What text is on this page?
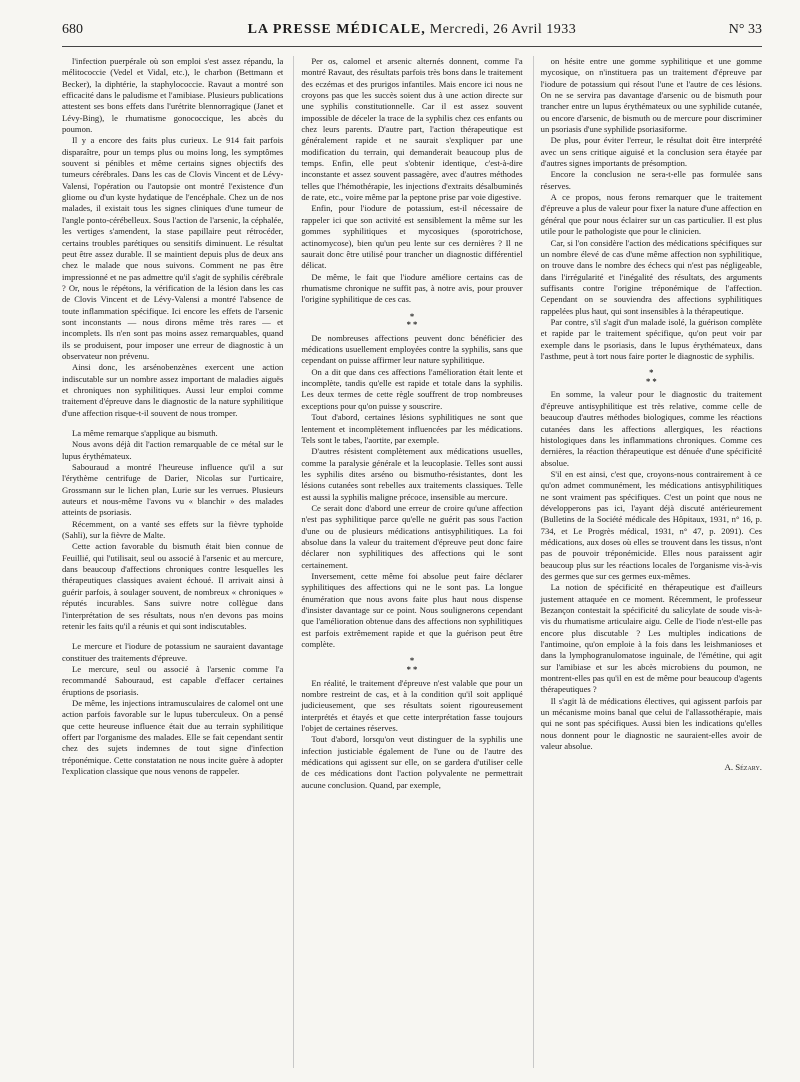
680	LA PRESSE MÉDICALE, Mercredi, 26 Avril 1933	N° 33

l'infection puerpérale où son emploi s'est assez répandu, la mélitococcie (Vedel et Vidal, etc.), le charbon (Bettmann et Becker), la diphtérie, la staphylococcie. Ravaut a montré son efficacité dans le paludisme et l'amibiase. Plusieurs publications attestent ses bons effets dans l'urétrite blennorragique (Janet et Lévy-Bing), le rhumatisme gonococcique, les abcès du poumon.

Il y a encore des faits plus curieux. Le 914 fait parfois disparaître, pour un temps plus ou moins long, les symptômes souvent si pénibles et même certains signes objectifs des tumeurs cérébrales. Dans les cas de Clovis Vincent et de Lévy-Valensi, l'opération ou l'autopsie ont montré l'existence d'un gliome ou d'un kyste hydatique de l'encéphale. Chez un de nos malades, il existait tous les signes cliniques d'une tumeur de l'angle ponto-cérébelleux. Sous l'action de l'arsenic, la céphalée, les vertiges s'amendent, la stase papillaire peut rétrocéder, certains troubles parétiques ou sensitifs diminuent. Le résultat peut être assez durable. Il se maintient depuis plus de deux ans chez le malade que nous suivons. Comment ne pas être impressionné et ne pas admettre qu'il s'agit de syphilis cérébrale ? Or, nous le répétons, la vérification de la lésion dans les cas de Clovis Vincent et de Lévy-Valensi a montré l'absence de toute inflammation spécifique. Ici encore les effets de l'arsenic sont inconstants — nous dirons même très rares — et incomplets. Ils n'en sont pas moins assez remarquables, quand ils se produisent, pour imposer une erreur de diagnostic à un observateur non prévenu.

Ainsi donc, les arsénobenzènes exercent une action indiscutable sur un nombre assez important de maladies aiguës et chroniques non syphilitiques. Aussi leur emploi comme traitement d'épreuve dans le diagnostic de la nature syphilitique d'une affection risque-t-il souvent de nous tromper.

La même remarque s'applique au bismuth.

Nous avons déjà dit l'action remarquable de ce métal sur le lupus érythémateux.

Sabouraud a montré l'heureuse influence qu'il a sur l'érythème centrifuge de Darier, Nicolas sur l'urticaire, Grossmann sur le lichen plan, Lurie sur les verrues. Plusieurs auteurs et nous-même l'avons vu « blanchir » des malades atteints de psoriasis.

Récemment, on a vanté ses effets sur la fièvre typhoïde (Sahli), sur la fièvre de Malte.

Cette action favorable du bismuth était bien connue de Feuillié, qui l'utilisait, seul ou associé à l'arsenic et au mercure, dans beaucoup d'affections chroniques contre lesquelles les thérapeutiques classiques avaient échoué. Il arrivait ainsi à guérir parfois, à soulager souvent, de nombreux « chroniques » réputés incurables. Sans suivre notre collègue dans l'interprétation de ses résultats, nous n'en devons pas moins retenir les faits qu'il a réunis et qui sont indiscutables.

Le mercure et l'iodure de potassium ne sauraient davantage constituer des traitements d'épreuve.

Le mercure, seul ou associé à l'arsenic comme l'a recommandé Sabouraud, est capable d'effacer certaines éruptions de psoriasis.

De même, les injections intramusculaires de calomel ont une action parfois favorable sur le lupus tuberculeux. On a pensé que cette heureuse influence était due au terrain syphilitique offert par l'organisme des malades. Elle se fait cependant sentir chez des sujets indemnes de tout signe d'infection tréponémique. Cette constatation ne nous incite guère à adopter l'explication classique que nous venons de rappeler.

Per os, calomel et arsenic alternés donnent, comme l'a montré Ravaut, des résultats parfois très bons dans le traitement des eczémas et des prurigos infantiles. Mais encore ici nous ne croyons pas que les succès soient dus à une action directe sur une syphilis constitutionnelle. Car il est assez souvent impossible de déceler la trace de la syphilis chez ces enfants ou chez leurs parents. D'autre part, l'action thérapeutique est généralement rapide et ne saurait s'expliquer par une modification du terrain, qui demanderait beaucoup plus de temps. Enfin, elle peut s'obtenir identique, c'est-à-dire inconstante et assez souvent passagère, avec d'autres méthodes telles que l'hémothérapie, les injections d'extraits désalbuminés de rate, etc., voire même par la peptone prise par voie digestive.

Enfin, pour l'iodure de potassium, est-il nécessaire de rappeler ici que son activité est sensiblement la même sur les gommes syphilitiques et mycosiques (sporotrichose, actinomycose), bien qu'un peu lente sur ces dernières ? Il ne saurait donc être utilisé pour trancher un diagnostic différentiel délicat.

De même, le fait que l'iodure améliore certains cas de rhumatisme chronique ne suffit pas, à notre avis, pour prouver l'origine syphilitique de ces cas.

*
* *

De nombreuses affections peuvent donc bénéficier des médications usuellement employées contre la syphilis, sans que cependant on puisse affirmer leur nature syphilitique.

On a dit que dans ces affections l'amélioration était lente et incomplète, tandis qu'elle est rapide et totale dans la syphilis. Les deux termes de cette règle souffrent de trop nombreuses exceptions pour qu'on puisse y souscrire.

Tout d'abord, certaines lésions syphilitiques ne sont que lentement et incomplètement influencées par les médications. Tels sont le tabes, l'aortite, par exemple.

D'autres résistent complètement aux médications usuelles, comme la paralysie générale et la leucoplasie. Telles sont aussi les syphilis dites arséno ou bismutho-résistantes, dont les lésions cutanées sont rebelles aux traitements classiques. Telle est aussi la syphilis maligne précoce, insensible au mercure.

Ce serait donc d'abord une erreur de croire qu'une affection n'est pas syphilitique parce qu'elle ne guérit pas sous l'action d'une ou de plusieurs médications antisyphilitiques. La foi absolue dans la valeur du traitement d'épreuve peut donc faire déclarer non syphilitiques des affections qui le sont certainement.

Inversement, cette même foi absolue peut faire déclarer syphilitiques des affections qui ne le sont pas. La longue énumération que nous avons faite plus haut nous dispense d'insister davantage sur ce point. Nous soulignerons cependant que l'amélioration obtenue dans des affections non syphilitiques est parfois extrêmement rapide et que la guérison peut être complète.

*
* *

En réalité, le traitement d'épreuve n'est valable que pour un nombre restreint de cas, et à la condition qu'il soit appliqué judicieusement, que ses résultats soient rigoureusement interprétés et étayés et que cette interprétation fasse toujours l'objet de certaines réserves.

Tout d'abord, lorsqu'on veut distinguer de la syphilis une infection justiciable également de l'une ou de l'autre des médications qui agissent sur elle, on se gardera d'utiliser celle de ces médications dont l'action polyvalente ne permettrait aucune conclusion. Quand, par exemple,

on hésite entre une gomme syphilitique et une gomme mycosique, on n'instituera pas un traitement d'épreuve par l'iodure de potassium qui résout l'une et l'autre de ces lésions. On ne se servira pas davantage d'arsenic ou de bismuth pour trancher entre un lupus érythémateux ou une syphilide cutanée, ou encore d'arsenic, de bismuth ou de mercure pour discriminer un psoriasis d'une syphilide psoriasiforme.

De plus, pour éviter l'erreur, le résultat doit être interprété avec un sens critique aiguisé et la conclusion sera étayée par d'autres signes importants de présomption.

Encore la conclusion ne sera-t-elle pas formulée sans réserves.

A ce propos, nous ferons remarquer que le traitement d'épreuve a plus de valeur pour fixer la nature d'une affection en général que pour nous éclairer sur un cas particulier. Il est plus utile pour le pathologiste que pour le clinicien.

Car, si l'on considère l'action des médications spécifiques sur un nombre élevé de cas d'une même affection non syphilitique, on trouve dans le nombre des échecs qui n'est pas négligeable, dans l'irrégularité et l'inégalité des résultats, des arguments suffisants contre l'origine tréponémique de l'affection. Cependant on se souviendra des affections syphilitiques rappelées plus haut, qui sont insensibles à la thérapeutique.

Par contre, s'il s'agit d'un malade isolé, la guérison complète et rapide par le traitement spécifique, qu'on peut voir par exemple dans le psoriasis, dans le lupus érythémateux, dans l'asthme, peut à tort nous faire porter le diagnostic de syphilis.

*
* *

En somme, la valeur pour le diagnostic du traitement d'épreuve antisyphilitique est très relative, comme celle de beaucoup d'autres méthodes biologiques, comme les réactions cutanées dans les affections allergiques, les réactions histologiques dans les inflammations chroniques. Comme ces dernières, la réaction thérapeutique est dénuée d'une spécificité absolue.

S'il en est ainsi, c'est que, croyons-nous contrairement à ce qu'on admet communément, les médications antisyphilitiques ne sont vraiment pas spécifiques. C'est un point que nous ne développerons pas ici, l'ayant déjà discuté antérieurement (Bulletins de la Société médicale des Hôpitaux, 1931, n° 16, p. 734, et Le Progrès médical, 1931, n° 47, p. 2091). Ces médications, aux doses où elles se trouvent dans les tissus, n'ont pas de pouvoir tréponémicide. Elles nous paraissent agir beaucoup plus sur les réactions locales de l'organisme vis-à-vis des germes que sur ces germes eux-mêmes.

La notion de spécificité en thérapeutique est d'ailleurs justement attaquée en ce moment. Récemment, le professeur Bezançon contestait la spécificité du salicylate de soude vis-à-vis du rhumatisme articulaire aigu. Celle de l'iode n'est-elle pas encore plus discutable ? Les multiples indications de l'antimoine, qu'on emploie à la fois dans les leishmanioses et dans la lymphogranulomatose inguinale, de l'émétine, qui agit sur l'amibiase et sur les abcès microbiens du poumon, ne montrent-elles pas qu'il en est de même pour beaucoup d'agents thérapeutiques ?

Il s'agit là de médications électives, qui agissent parfois par un mécanisme moins banal que celui de l'allassothérapie, mais qui ne sont pas spécifiques. Aussi bien les indications qu'elles nous donnent pour le diagnostic ne sauraient-elles avoir de valeur absolue.

A. Sézary.
